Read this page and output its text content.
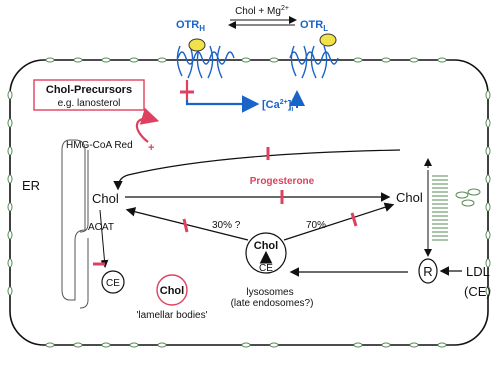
Chol + $Mg^{2+}$
$OTR_H$	$OTR_L$
$[Ca^{2+}]_i$
Chol-Precursors
e.g. lanosterol
HMG-CoA Red +
ER
Chol
ACAT
CE
Progesterone
Chol
Chol
CE
lysosomes
(late endosomes?)
30% ?	70%
Chol
'lamellar bodies'
R	LDL
(CE)
